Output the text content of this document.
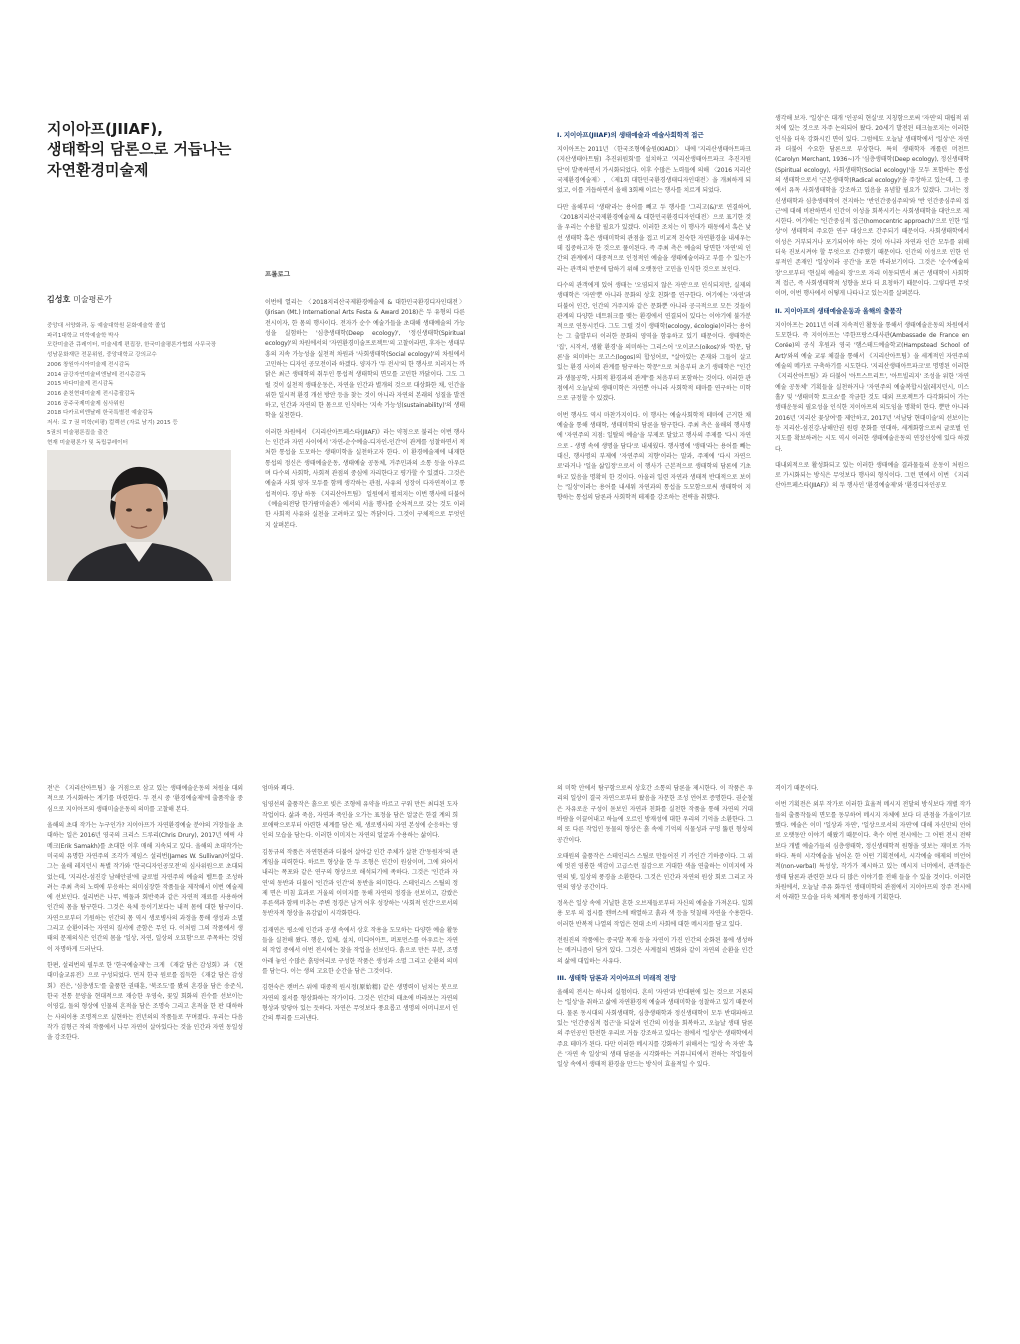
지이아프(JIIAF),
생태학의 담론으로 거듭나는
자연환경미술제

김성호 미술평론가

중앙대 서양화과, 동 예술대학원 문화예술학 졸업
파리1대학교 미학예술학 박사
모란미술관 큐레이터, 미술세계 편집장, 한국미술평론가협회 사무국장
성남문화재단 전문위원, 중앙대학교 강의교수
2006 창원아시아미술제 전시감독
2014 금강자연미술비엔날레 전시총감독
2015 바다미술제 전시감독
2016 춘천현대미술제 전시총괄감독
2016 공주국제미술제 심사위원
2018 다카르비엔날레 한국특별전 예술감독
저서: 로 7 권 미학(비평) 컬렉션 (자료 남겨) 2015 등
5권의 미술평론집을 출간
현재 미술평론가 및 독립큐레이터
프롤로그

이번에 열리는 〈2018지리산국제환경예술제 & 대한민국환경디자인대전〉(Jirisan (Mt.) International Arts Festa & Award 2018)은 두 유형의 다른 전시이자, 한 몸의 행사이다. 전자가 순수 예술가들을 초대해 생태예술의 가능성을 실험하는 '심층생태학(Deep ecology)', '정신생태학(Spiritual ecology)'의 차원에서의 '자연환경미술프로젝트'의 고찰이라면, 후자는 생태부흥의 지속 가능성을 실천적 차원과 '사회생태학(Social ecology)'의 차원에서 고민하는 디자인 공모전이라 하겠다. 양자가 '두 전시'의 한 행사로 치러지는 까닭은 최근 생태학의 취두인 통섭적 생태학의 면모를 고민한 까닭이다. 그도 그럴 것이 실천적 생태운동은, 자연을 인간과 별개의 것으로 대상화한 채, 인간을 위한 일시적 환경 개선 방안 등을 찾는 것이 아니라 자연의 본래의 성질을 발견하고, 인간과 자연의 한 몸으로 인식하는 '지속 가능성(sustainability)'의 생태학을 실천한다.

이러한 차원에서 《지리산아트페스타(JIIAF)》라는 약칭으로 불리는 이번 행사는 인간과 자연 사이에서 '자연-순수예술-디자인-인간'이 관계를 성찰하면서 적처한 통섭을 도모하는 생태미학을 실천하고자 한다. 이 환경예술제에 내재한 통섭의 정신은 생태예술운동, 생태예술 공동체, 거주민과의 소통 등을 아우르며 다수의 사회학, 사회적 관점의 중심에 자리한다고 평가할 수 있겠다. 그것은 예술과 사회 양자 모두를 함께 생각하는 관점, 사유의 성장이 다자연적이고 통섭적이다. 경남 하동 《지리산아트팀》 일원에서 펼쳐지는 이번 행사에 더불어 《예술의전당 한가람미술관》에서의 서울 행사를 순차적으로 갖는 것도 이러한 사회적 사유와 실천을 고려하고 있는 까닭이다. 그것이 구체적으로 무엇인지 살펴본다.

I. 지이아프(JIIAF)의 생태예술과 예술사회학적 접근

지이아프는 2011년 〈한국조형예술원(KIAD)〉 내에 '지리산생태아트파크(지산생태아트팀) 추진위원회'를 설치하고 '지리산생태아트파크 추진지원단'이 발족하면서 가시화되었다. 이후 수많은 노력들에 의해 〈2016 지리산국제환경예술제〉, 〈제1회 대한민국환경생태디자인대전〉을 개최하게 되었고, 이를 거듭하면서 올해 3회째 이르는 행사를 치르게 되었다.

다만 올해부터 '생태'라는 용어를 빼고 두 행사를 '그리고(&)'로 연결하여, 〈2018지리산국제환경예술제 & 대한민국환경디자인대전〉으로 표기한 것을 우리는 수용할 필요가 있겠다. 이러한 조치는 이 행사가 태동에서 혹은 낯선 생태학 혹은 생태미학의 관점을 접고 비교적 친숙한 자연환경을 내세우는데 집중하고자 한 것으로 풀이된다. 즉 주최 측은 예술의 당면한 '자연'의 인간의 관계에서 대중적으로 인정적인 예술을 생태예술이라고 부를 수 있는가라는 관객의 반문에 답하기 위해 오랫동안 고민을 인식한 것으로 보인다.

다수의 관객에게 있어 생태는 '오염되지 않은 자연'으로 인식되지만, 실제의 생태학은 '자연'뿐 아니라 문화의 상호 친화'를 연구한다. 여기에는 '자연'과 더불어 인간, 인간의 거주지와 같은 문화뿐 아니라 공극적으로 모든 것들이 관계의 다양한 네트워크를 맺는 환경에서 연결되어 있다는 이야기에 불가분적으로 연동시킨다. 그도 그럴 것이 생태학(ecology, écologie)이라는 용어는 그 출발부터 이러한 문화의 영역을 함유하고 있기 때문이다. 생태학은 '집', 시작서, 생활 환경'을 의미하는 그리스어 '오이코스(oikos)'와 '학문, 담론'을 의미하는 로고스(logos)의 합성어로, "살아있는 존재와 그들이 살고 있는 환경 사이의 관계를 탐구하는 학문"으로 처음부터 초기 생태학은 "인간과 생물공학, 사회적 환경과의 관계"를 처음부터 포함하는 것이다. 이러한 관점에서 오늘날의 생태미학은 자연뿐 아니라 사회학적 테마를 연구하는 미학으로 규정할 수 있겠다.

이번 행사도 역시 마찬가지이다. 이 행사는 예술사회학적 테마에 근거한 채 예술을 통해 생태학, 생태미학의 담론을 탐구한다. 주최 측은 올해의 행사명에 '자연주의 지점: 일탈의 예술'을 부제로 달았고 행사의 주제를 '다시 자연으로 - 생명 속에 생명을 담다'로 내세웠다. 행사명에 '생태'라는 용어를 빼는 대신, 행사명의 부제에 '자연주의 지향'이라는 말과, 주제에 '다시 자연으로'라거나 '일을 삶입정'으로서 이 행사가 근본적으로 생태학의 담론에 기초하고 있음을 명확히 한 것이다. 아울러 일련 자연과 생태적 반대적으로 보이는 '일상'이라는 용어를 내세워 자연과의 통섭을 도모함으로써 생태학이 지향하는 통섭의 담론과 사회학적 테제를 강조하는 전략을 취했다.

생각해 보자. '일상'은 대개 '인공의 현실'로 지칭함으로써 '자연'의 대립적 위치에 있는 것으로 자주 논의되어 왔다. 20세기 발전된 테크놀로지는 이러한 인식을 더욱 강화시킨 면이 있다. 그럼에도 오늘날 생태학에서 '일상'은 자연과 더불어 수요한 담론으로 부상한다. 특히 생태학자 캐롤린 머천트(Carolyn Merchant, 1936~)가 '심층생태학(Deep ecology), 정신생태학(Spiritual ecology), 사회생태학(Social ecology)'을 모두 포함하는 통섭의 생태학으로서 '근본생태학(Radical ecology)'을 주장하고 있는데, 그 중에서 유독 사회생태학을 강조하고 있음을 유념할 필요가 있겠다. 그녀는 정신생태학과 심층생태학이 견지하는 '반인간중심주의'와 '반 인간중심주의 접근'에 대해 비판하면서 인간이 이성을 회복시키는 사회생태학을 대안으로 제시한다. 여기에는 '인간중심적 접근(homocentric approach)'으로 인한 '일상'이 생태학의 주요한 연구 대상으로 간주되기 때문이다. 사회생태학에서 이성은 거부되거나 포기되어야 하는 것이 아니라 자연과 인간 모두를 위해 더욱 진보시켜야 할 무엇으로 간주했기 때문이다. 인간의 이성으로 인한 인류적인 존재인 '일상이라 공간'을 포한 바라보기이다. 그것은 '순수예술의 장'으로부터 '현실의 예술의 장'으로 자리 이동되면서 최근 생태학이 사회학적 접근, 즉 사회생태학적 성향을 보다 더 요청하기 때문이다. 그렇다면 무엇이며, 이번 행사에서 어떻게 나타나고 있는지를 살펴본다.

II. 지이아프의 생태예술운동과 올해의 출품작

지이아프는 2011년 이래 지속적인 활동을 통해서 생태예술운동의 차원에서 도모한다. 즉 지이아프는 '주한프랑스대사관(Ambassade de France en Corée)의 공식 후원과 영국 '햄스테드예술학교(Hampstead School of Art)'와의 예술 교류 체결을 통해서 《지리산아트팀》을 세계적인 자연주의 예술의 메카로 구축하기를 시도한다. '지리산생태아트파크'로 명명된 이러한 《지리산아트팀》과 더불어 '아트스트리트', '아트빌리지' 조성을 위한 '자연예술 공동체' 기획들을 실천하거나 '자연주의 예술복합시설(레지던시, 미스홀)' 및 '생태미학 토크쇼'를 작금한 것도 대외 프로젝트가 다각화되어 가는 생태운동의 필요성을 인식한 지이아프의 의도임을 명확히 한다. 뿐만 아니라 2016년 '지리산 꽃상여'를 제안하고, 2017년 '서남당 현대미술'의 선보이는 등 지리산-섬진강-남해안권 원령 문화를 연대하, 세계화함으로써 글로벌 인지도를 확보하려는 시도 역시 이러한 생태예술운동의 연장선상에 있다 하겠다.

대내외적으로 활성화되고 있는 이러한 생태예술 결과물들의 운동이 처원으로 가시화되는 방식은 무엇보다 행사의 형식이다. 그런 면에서 이번 《지리산아트페스타(JIIAF)》의 두 행사인 '환경예술제'와 '환경디자인공모

전'은 《지리산아트팀》을 거점으로 삼고 있는 생태예술운동의 처원을 대외적으로 가시화하는 계기를 마련한다. 두 전시 중 '환경예술제'에 출품작을 중심으로 지이아프의 생태미술운동의 의미를 고찰해 본다.

올해의 초대 작가는 누구인가? 지이아프가 자연환경예술 분야의 거장들을 초대하는 일은 2016년 영국의 크리스 드루리(Chris Drury), 2017년 에릭 샤메크(Erik Samakh)를 초대한 이후 매해 지속되고 있다. 올해의 초대작가는 미국의 유명한 자연주의 조각가 제임스 설리번(James W. Sullivan)이었다. 그는 올해 레지던시 특별 작가와 '한국디자인공모전'의 심사위원으로 초대되었는데, '지리산-섬진강 남해안권'에 글로벌 자연주의 예술의 벨트를 조성하려는 주최 측의 노력에 부응하는 의미심장한 작품들을 제작해서 이번 예술제에 선보인다. 설리번은 나무, 벽돌과 회반죽과 같은 자연적 재료를 사용하여 인간의 몸을 탐구한다. 그것은 육체 등이기보다는 내적 몸에 대한 탐구이다. 자연으로부터 기원하는 인간의 몸 역시 생로병사의 과정을 통해 생성과 소멸 그리고 순환이라는 자연의 질서에 준함은 무인 다. 이처럼 그의 작품에서 생태의 문제의식은 인간의 몸을 '일상, 자연, 일상의 오묘함'으로 주목하는 것임이 자명하게 드러난다.

한편, 설리번의 필두로 한 '한국예술제'는 크게 《재갈 담은 감성회》과 《현대미술교류전》으로 구성되었다. 먼저 한국 원로를 집득한 《재갈 담은 감성회》전은, '심층생도'를 출품한 권태훈, '북조도'를 봤의 흔경을 담은 송준식, 한국 전통 문양을 현대적으로 재승한 우영숙, 꽃잎 회화의 진수를 선보이는 이영길, 돌의 형상에 인물의 흔적을 담은 조명숙 그리고 흔적을 한 판 대하하는 사의이용 조명적으로 실현하는 전년의의 작품들로 꾸며졌다. 우리는 다음 작가 김형근 작의 작품에서 나무 자연이 살아있다는 것을 인간과 자연 동일성을 강조한다.

엄마와 꽤다.

임영선의 출품작은 흙으로 빚은 조형에 유약을 바르고 구워 만든 최디된 도자 작업이다. 삶과 죽음, 자연과 죽인을 오가는 표정을 담은 얼굴은 한결 계의 희로애락으로부터 아련한 세계를 담은 채, 생로병사의 자연 본성에 순응하는 영인의 모습을 담는다. 이러한 이미지는 자연의 얼굴과 수용하는 삶이다.

김동규의 작품은 자연현관과 더불어 살아갈 인간 주체가 살찬 간'동원자'의 관계임을 피력한다. 하르트 형상을 한 두 조형은 인간이 원삼이며, 그에 와어서 내리는 폭포와 같은 연구의 형상으로 해석되기에 족하다. 그것은 '인간과 자연'의 동반과 더불어 '인간과 인간'의 동반을 의미한다. 스테인리스 스틸의 정제 면은 비침 효과로 거울의 이미지를 동해 자연의 정경을 선보이고, 감쌌은 푸른색과 함께 비추는 주변 정경은 남겨 어후 성장하는 '사회적 인간'으로서의 동반자적 형상을 유감없이 시각화한다.

김재연은 평소에 인간과 공생 속에서 상호 작용을 도모하는 다양한 예술 활동들을 실천해 왔다. 행운, 입체, 설치, 미디어아트, 퍼포먼스를 아우르는 자연의 작업 중에서 이번 전시에는 찾을 작업을 선보인다. 흙으로 만든 부분, 조명 아래 놓인 수많은 흙덩어리로 구성한 작품은 생성과 소멸 그리고 순환의 의미를 담는다. 이는 생의 고요한 순간을 담은 그것이다.

김현숙은 캔버스 위에 대중적 원시정(原始精) 같은 생명력이 넘치는 붓으로 자연의 질서를 형상화하는 작가이다. 그것은 인간의 태초에 바라보는 자연의 형상과 맞닿아 있는 듯하다. 자연은 무엇보다 풍요롭고 생명의 어머니로서 인간의 뿌리를 드러낸다.

의 미학 안에서 탐구함으로써 상호간 소통의 담론을 제시한다. 이 작품은 우리의 일상이 결국 자연으로부터 왔음을 자문한 조성 언어로 증명한다. 권순철은 자유로운 구성이 돋보인 자연과 친화를 실천한 작품을 통해 자연의 거대 바람을 이끌어내고 하늘에 오르인 방재성에 대한 우리의 기억을 소환한다. 그의 또 다른 작업인 동물의 형상은 흙 속에 기억의 식물성과 구멍 뚫린 형상의 공간이다.

오태원의 출품작은 스테인리스 스틸로 만들어진 키 카인간 기하중이다. 그 위에 멋진 영롱한 색감이 고급스런 질감으로 거대한 색을 연출하는 이미지에 자연의 빛, 일상의 풍경을 소환한다. 그것은 인간과 자연의 원상 회로 그리고 자연의 영상 공간이다.

정옥은 일상 속에 거닐한 흔한 오브제들로부터 자신의 예술을 가져온다. 일회용 모루 의 접시를 캔버스에 배열하고 흙과 색 등을 덧칠해 자연을 수용한다. 이러한 반복적 나열의 작업은 현대 소비 사회에 대한 메시지를 담고 있다.

전원진의 작품에는 중국발 목재 등을 자연이 가진 인간의 순화된 물에 생성하는 메커니즘이 담겨 있다. 그것은 사계절의 변화와 같이 자연의 순환을 인간의 삶에 대입하는 사유다.

III. 생태학 담론과 지이아프의 미래적 전망

올해의 전시는 하나의 실험이다. 흔히 '자연'과 반대편에 있는 것으로 거론되는 '일상'을 취하고 삶에 자연환경적 예술과 생태미학을 성찰하고 있기 때문이다. 물론 동시대의 사회생태학, 심층생태학과 정신생태학이 모두 반대파하고 있는 '인간중심적 접근'을 되살려 인간의 이성을 회복하고, 오늘날 생태 담론의 주인공인 한전한 우리로 거듭 강조하고 있다는 점에서 '일상'은 생태학에서 주요 테마가 된다. 다만 이러한 메시지를 강화하기 위해서는 '일상 속 자연' 혹은 '자연 속 일상'의 생태 담론을 시각화하는 커뮤니티에서 전하는 작업들이 일상 속에서 생태적 환경을 만드는 방식이 효율적일 수 있다.

격이기 때문이다.

이번 기획전은 외부 작가로 이러한 효율적 메시지 전달의 방식보다 개별 작가들의 출품작들의 면모를 동부하여 메시지 자체에 보다 더 관점을 가울이기로 했다. 예술은 이미 '일상과 자연', '일상으로서의 자연'에 대해 자신만의 언어로 오랫동안 이야기 해왔기 때문이다. 축수 이번 전시에는 그 어떤 전시 전략보다 개별 예술가들의 심층생태학, 정신생태학적 원형을 엿보는 재미로 가득하다. 특히 시각예술을 넘어온 한 어떤 기획전에서, 시각예술 애제의 비언어적(non-verbal) 특성상, 작가가 제시하고 있는 메시지 너머에서, 관객들은 생태 담론과 관련한 보다 더 많은 이야기를 전해 들을 수 있을 것이다. 이러한 차원에서, 오늘날 주유 화두인 생태미학의 관점에서 지이아프의 장주 전시에서 아래한 모습을 더욱 체계적 풍성하게 기획한다.
